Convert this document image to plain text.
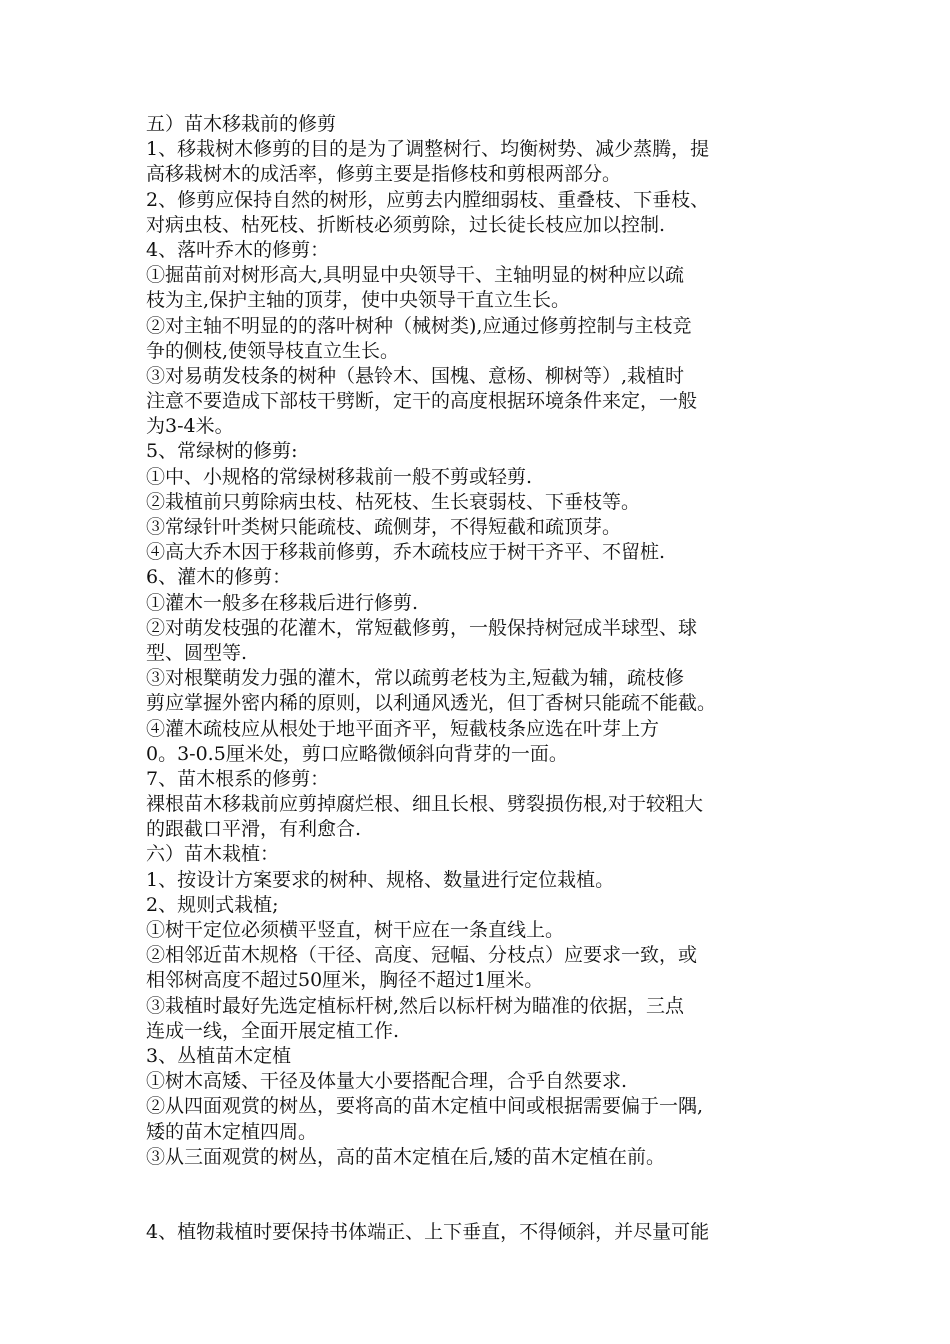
五）苗木移栽前的修剪
1、移栽树木修剪的目的是为了调整树行、均衡树势、减少蒸腾，提
高移栽树木的成活率，修剪主要是指修枝和剪根两部分。
2、修剪应保持自然的树形，应剪去内膛细弱枝、重叠枝、下垂枝、
对病虫枝、枯死枝、折断枝必须剪除，过长徒长枝应加以控制.
4、落叶乔木的修剪：
①掘苗前对树形高大,具明显中央领导干、主轴明显的树种应以疏
枝为主,保护主轴的顶芽，使中央领导干直立生长。
②对主轴不明显的的落叶树种（械树类),应通过修剪控制与主枝竞
争的侧枝,使领导枝直立生长。
③对易萌发枝条的树种（悬铃木、国槐、意杨、柳树等）,栽植时
注意不要造成下部枝干劈断，定干的高度根据环境条件来定，一般
为3-4米。
5、常绿树的修剪:
①中、小规格的常绿树移栽前一般不剪或轻剪.
②栽植前只剪除病虫枝、枯死枝、生长衰弱枝、下垂枝等。
③常绿针叶类树只能疏枝、疏侧芽，不得短截和疏顶芽。
④高大乔木因于移栽前修剪，乔木疏枝应于树干齐平、不留桩.
6、灌木的修剪：
①灌木一般多在移栽后进行修剪.
②对萌发枝强的花灌木，常短截修剪，一般保持树冠成半球型、球
型、圆型等.
③对根櫱萌发力强的灌木，常以疏剪老枝为主,短截为辅，疏枝修
剪应掌握外密内稀的原则，以利通风透光，但丁香树只能疏不能截。
④灌木疏枝应从根处于地平面齐平，短截枝条应选在叶芽上方
0。3-0.5厘米处，剪口应略微倾斜向背芽的一面。
7、苗木根系的修剪：
裸根苗木移栽前应剪掉腐烂根、细且长根、劈裂损伤根,对于较粗大
的跟截口平滑，有利愈合.
六）苗木栽植：
1、按设计方案要求的树种、规格、数量进行定位栽植。
2、规则式栽植;
①树干定位必须横平竖直，树干应在一条直线上。
②相邻近苗木规格（干径、高度、冠幅、分枝点）应要求一致，或
相邻树高度不超过50厘米，胸径不超过1厘米。
③栽植时最好先选定植标杆树,然后以标杆树为瞄准的依据，三点
连成一线，全面开展定植工作.
3、丛植苗木定植
①树木高矮、干径及体量大小要搭配合理，合乎自然要求.
②从四面观赏的树丛，要将高的苗木定植中间或根据需要偏于一隅,
矮的苗木定植四周。
③从三面观赏的树丛，高的苗木定植在后,矮的苗木定植在前。
4、植物栽植时要保持书体端正、上下垂直，不得倾斜，并尽量可能
